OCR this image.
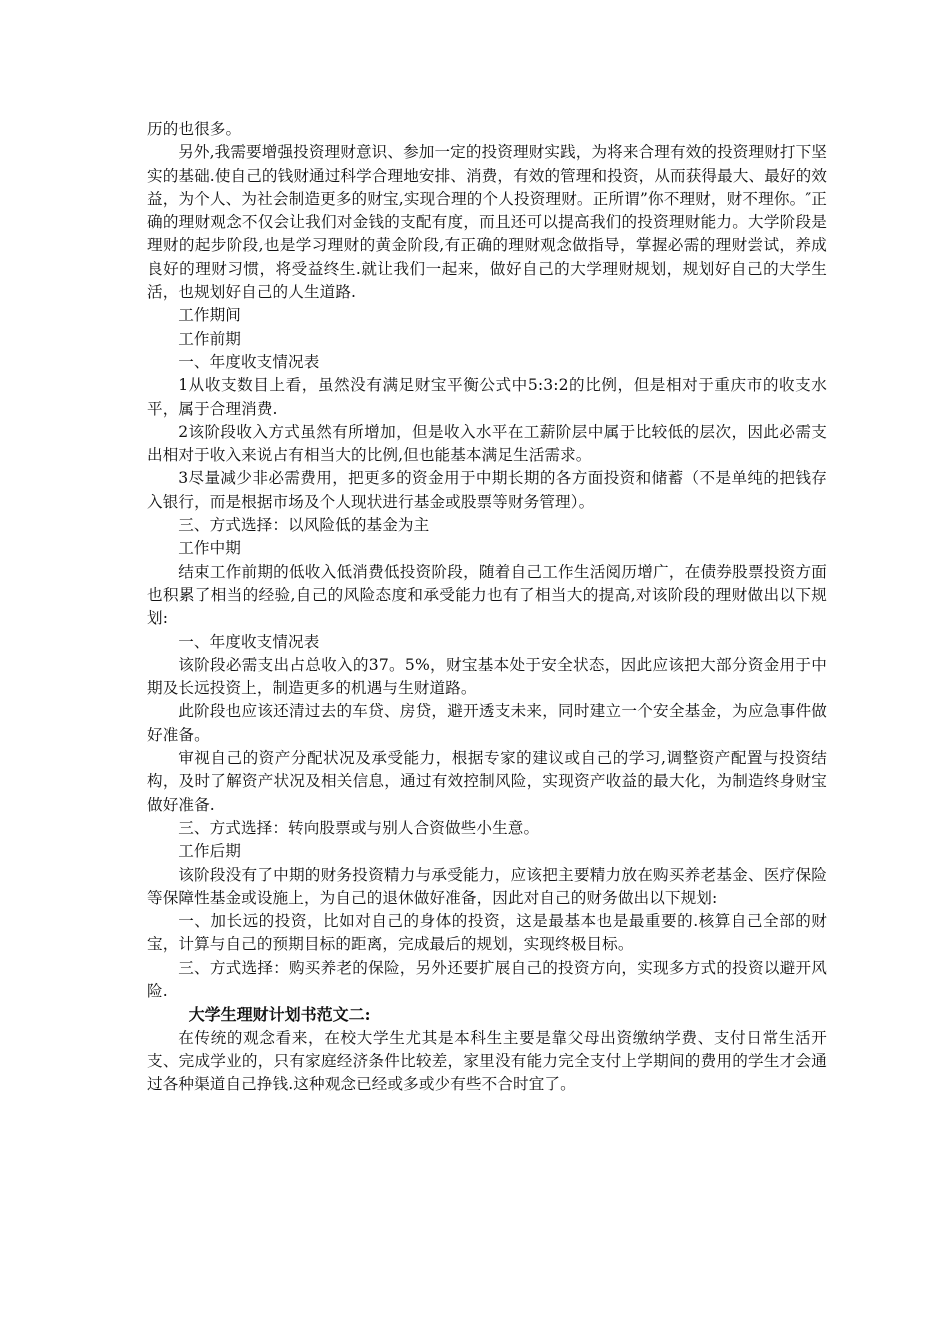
历的也很多。

另外,我需要增强投资理财意识、参加一定的投资理财实践，为将来合理有效的投资理财打下坚实的基础.使自己的钱财通过科学合理地安排、消费，有效的管理和投资，从而获得最大、最好的效益，为个人、为社会制造更多的财宝,实现合理的个人投资理财。正所谓”你不理财，财不理你。″正确的理财观念不仅会让我们对金钱的支配有度，而且还可以提高我们的投资理财能力。大学阶段是理财的起步阶段,也是学习理财的黄金阶段,有正确的理财观念做指导，掌握必需的理财尝试，养成良好的理财习惯，将受益终生.就让我们一起来，做好自己的大学理财规划，规划好自己的大学生活，也规划好自己的人生道路.

工作期间

工作前期

一、年度收支情况表

1从收支数目上看，虽然没有满足财宝平衡公式中5:3:2的比例，但是相对于重庆市的收支水平，属于合理消费.

2该阶段收入方式虽然有所增加，但是收入水平在工薪阶层中属于比较低的层次，因此必需支出相对于收入来说占有相当大的比例,但也能基本满足生活需求。

3尽量减少非必需费用，把更多的资金用于中期长期的各方面投资和储蓄（不是单纯的把钱存入银行，而是根据市场及个人现状进行基金或股票等财务管理）。

三、方式选择：以风险低的基金为主

工作中期

结束工作前期的低收入低消费低投资阶段，随着自己工作生活阅历增广，在债券股票投资方面也积累了相当的经验,自己的风险态度和承受能力也有了相当大的提高,对该阶段的理财做出以下规划:

一、年度收支情况表

该阶段必需支出占总收入的37。5%，财宝基本处于安全状态，因此应该把大部分资金用于中期及长远投资上，制造更多的机遇与生财道路。

此阶段也应该还清过去的车贷、房贷，避开透支未来，同时建立一个安全基金，为应急事件做好准备。

审视自己的资产分配状况及承受能力，根据专家的建议或自己的学习,调整资产配置与投资结构，及时了解资产状况及相关信息，通过有效控制风险，实现资产收益的最大化，为制造终身财宝做好准备.

三、方式选择：转向股票或与别人合资做些小生意。

工作后期

该阶段没有了中期的财务投资精力与承受能力，应该把主要精力放在购买养老基金、医疗保险等保障性基金或设施上，为自己的退休做好准备，因此对自己的财务做出以下规划:

一、加长远的投资，比如对自己的身体的投资，这是最基本也是最重要的.核算自己全部的财宝，计算与自己的预期目标的距离，完成最后的规划，实现终极目标。

三、方式选择：购买养老的保险，另外还要扩展自己的投资方向，实现多方式的投资以避开风险.

大学生理财计划书范文二:

在传统的观念看来，在校大学生尤其是本科生主要是靠父母出资缴纳学费、支付日常生活开支、完成学业的，只有家庭经济条件比较差，家里没有能力完全支付上学期间的费用的学生才会通过各种渠道自己挣钱.这种观念已经或多或少有些不合时宜了。
